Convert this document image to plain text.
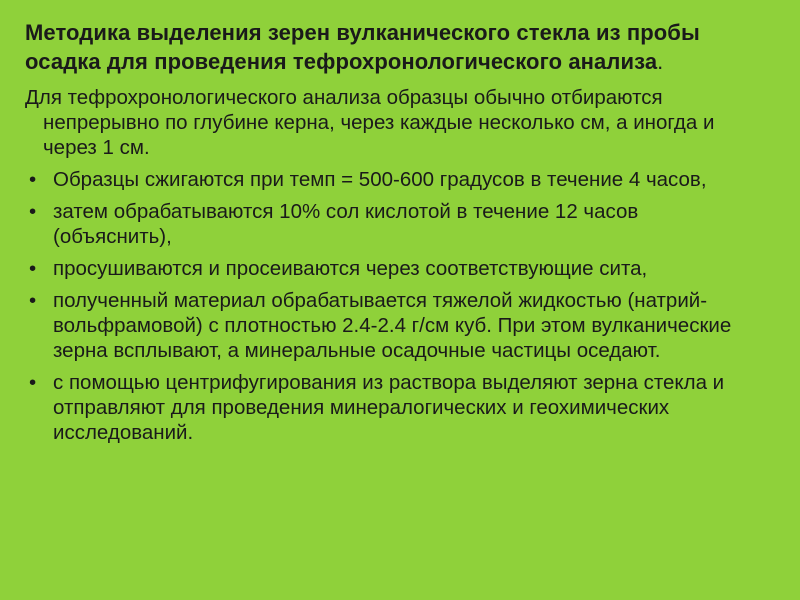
Методика выделения зерен вулканического стекла из пробы осадка для проведения тефрохронологического анализа.

Для тефрохронологического анализа образцы обычно отбираются непрерывно по глубине керна, через каждые несколько см, а иногда и через 1 см.

• Образцы сжигаются при темп = 500-600 градусов в течение 4 часов,
• затем обрабатываются 10% сол кислотой в течение 12 часов (объяснить),
• просушиваются и просеиваются через соответствующие сита,
• полученный материал обрабатывается тяжелой жидкостью (натрий-вольфрамовой) с плотностью 2.4-2.4 г/см куб. При этом вулканические зерна всплывают, а минеральные осадочные частицы оседают.
• с помощью центрифугирования из раствора выделяют зерна стекла и отправляют для проведения минералогических и геохимических исследований.
